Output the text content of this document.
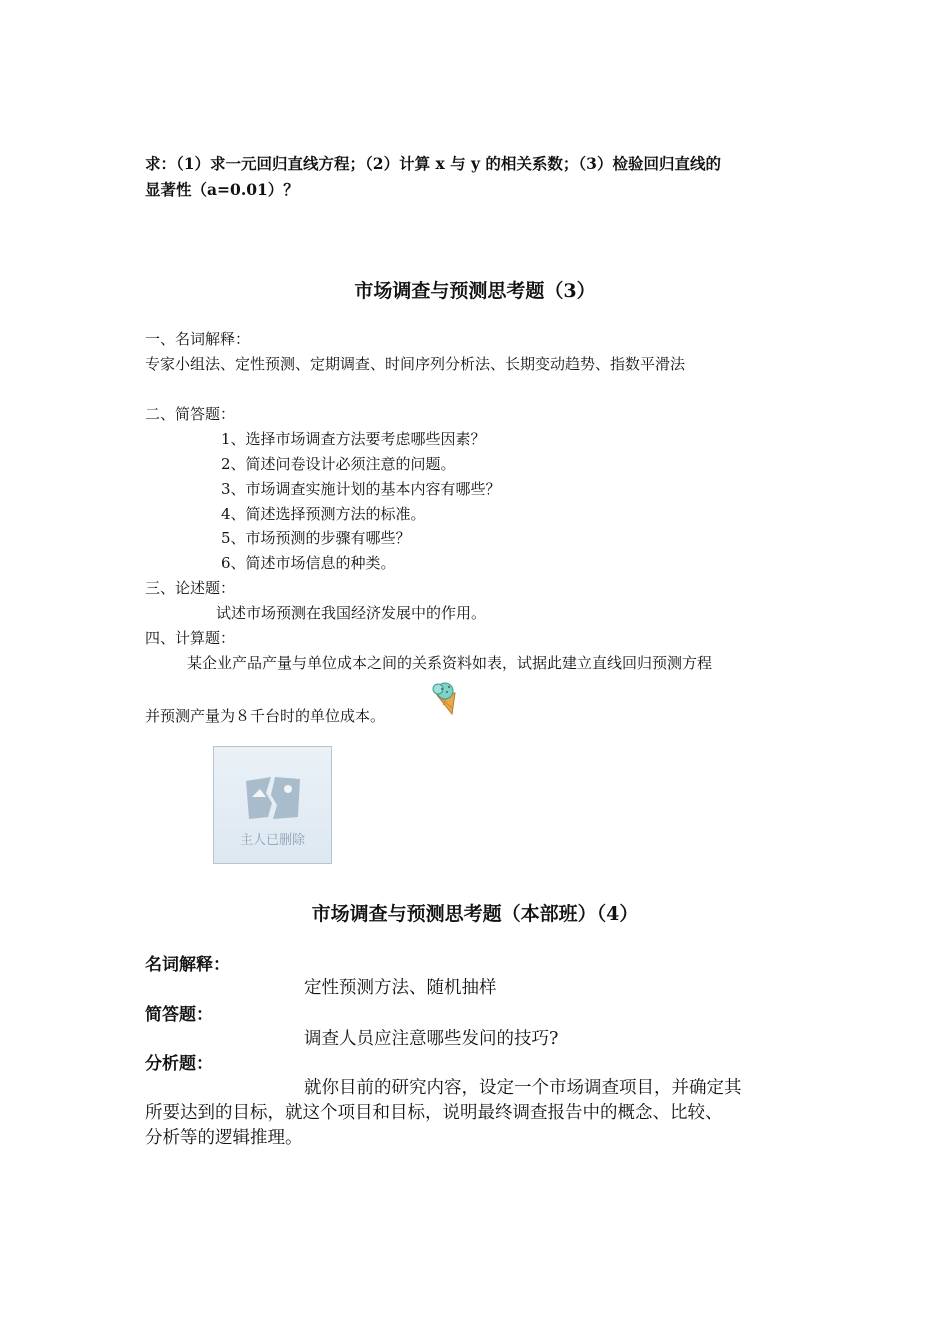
求：（1）求一元回归直线方程；（2）计算 x 与 y 的相关系数；（3）检验回归直线的
显著性（a=0.01）？
市场调查与预测思考题（3）
一、名词解释：
专家小组法、定性预测、定期调查、时间序列分析法、长期变动趋势、指数平滑法
二、简答题：
1、选择市场调查方法要考虑哪些因素？
2、简述问卷设计必须注意的问题。
3、市场调查实施计划的基本内容有哪些？
4、简述选择预测方法的标准。
5、市场预测的步骤有哪些？
6、简述市场信息的种类。
三、论述题：
试述市场预测在我国经济发展中的作用。
四、计算题：
某企业产品产量与单位成本之间的关系资料如表，试据此建立直线回归预测方程
并预测产量为８千台时的单位成本。
主人已删除
市场调查与预测思考题（本部班）（4）
名词解释：
定性预测方法、随机抽样
简答题：
调查人员应注意哪些发问的技巧?
分析题：
就你目前的研究内容，设定一个市场调查项目，并确定其
所要达到的目标，就这个项目和目标，说明最终调查报告中的概念、比较、
分析等的逻辑推理。
